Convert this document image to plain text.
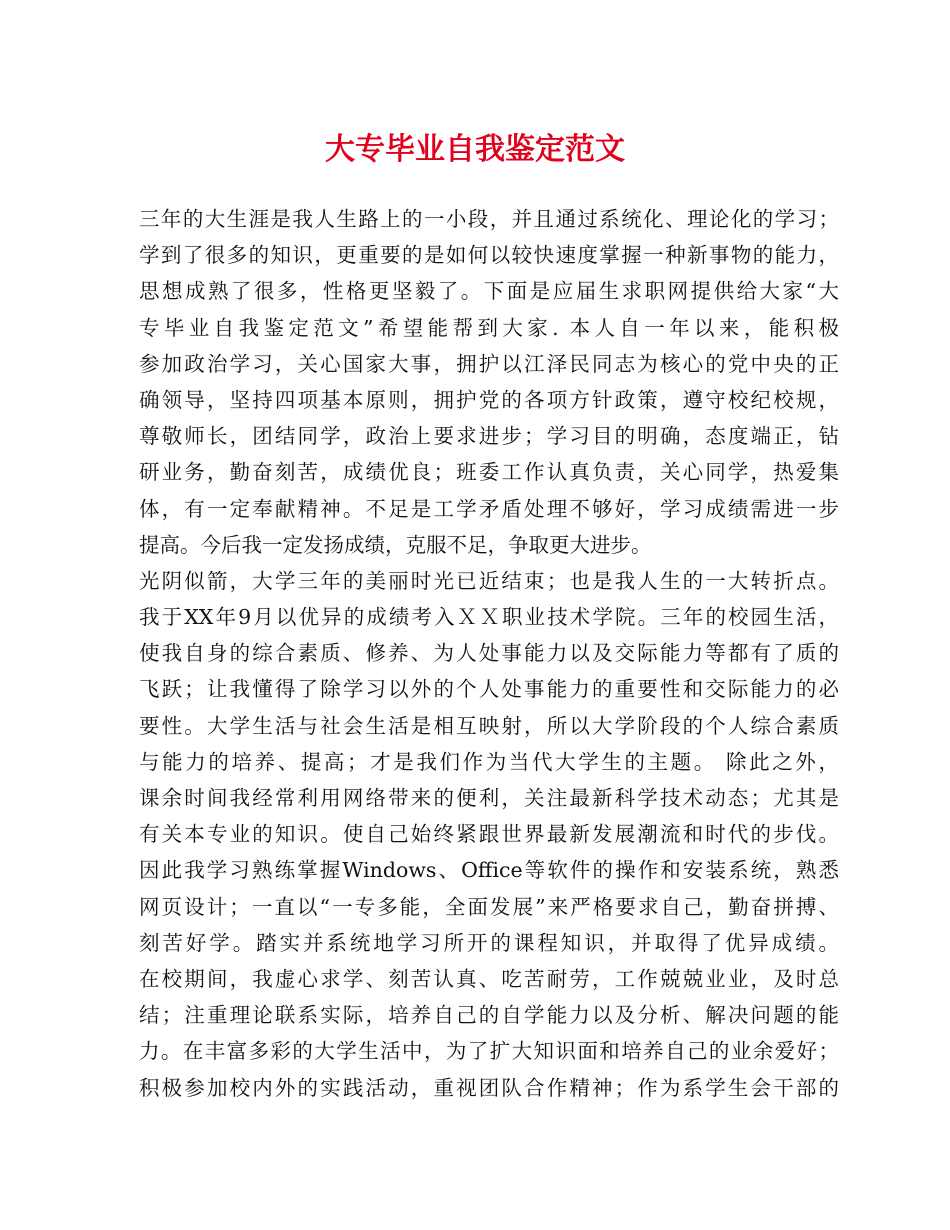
大专毕业自我鉴定范文
三年的大生涯是我人生路上的一小段，并且通过系统化、理论化的学习；
学到了很多的知识，更重要的是如何以较快速度掌握一种新事物的能力，
思想成熟了很多，性格更坚毅了。下面是应届生求职网提供给大家“大
专毕业自我鉴定范文”希望能帮到大家. 本人自一年以来，能积极
参加政治学习，关心国家大事，拥护以江泽民同志为核心的党中央的正
确领导，坚持四项基本原则，拥护党的各项方针政策，遵守校纪校规，
尊敬师长，团结同学，政治上要求进步；学习目的明确，态度端正，钻
研业务，勤奋刻苦，成绩优良；班委工作认真负责，关心同学，热爱集
体，有一定奉献精神。不足是工学矛盾处理不够好，学习成绩需进一步
提高。今后我一定发扬成绩，克服不足，争取更大进步。
光阴似箭，大学三年的美丽时光已近结束；也是我人生的一大转折点。
我于XX年9月以优异的成绩考入ＸＸ职业技术学院。三年的校园生活，
使我自身的综合素质、修养、为人处事能力以及交际能力等都有了质的
飞跃；让我懂得了除学习以外的个人处事能力的重要性和交际能力的必
要性。大学生活与社会生活是相互映射，所以大学阶段的个人综合素质
与能力的培养、提高；才是我们作为当代大学生的主题。 除此之外，
课余时间我经常利用网络带来的便利，关注最新科学技术动态；尤其是
有关本专业的知识。使自己始终紧跟世界最新发展潮流和时代的步伐。
因此我学习熟练掌握Windows、Office等软件的操作和安装系统，熟悉
网页设计；一直以“一专多能，全面发展”来严格要求自己，勤奋拼搏、
刻苦好学。踏实并系统地学习所开的课程知识，并取得了优异成绩。
在校期间，我虚心求学、刻苦认真、吃苦耐劳，工作兢兢业业，及时总
结；注重理论联系实际，培养自己的自学能力以及分析、解决问题的能
力。在丰富多彩的大学生活中，为了扩大知识面和培养自己的业余爱好；
积极参加校内外的实践活动，重视团队合作精神；作为系学生会干部的
